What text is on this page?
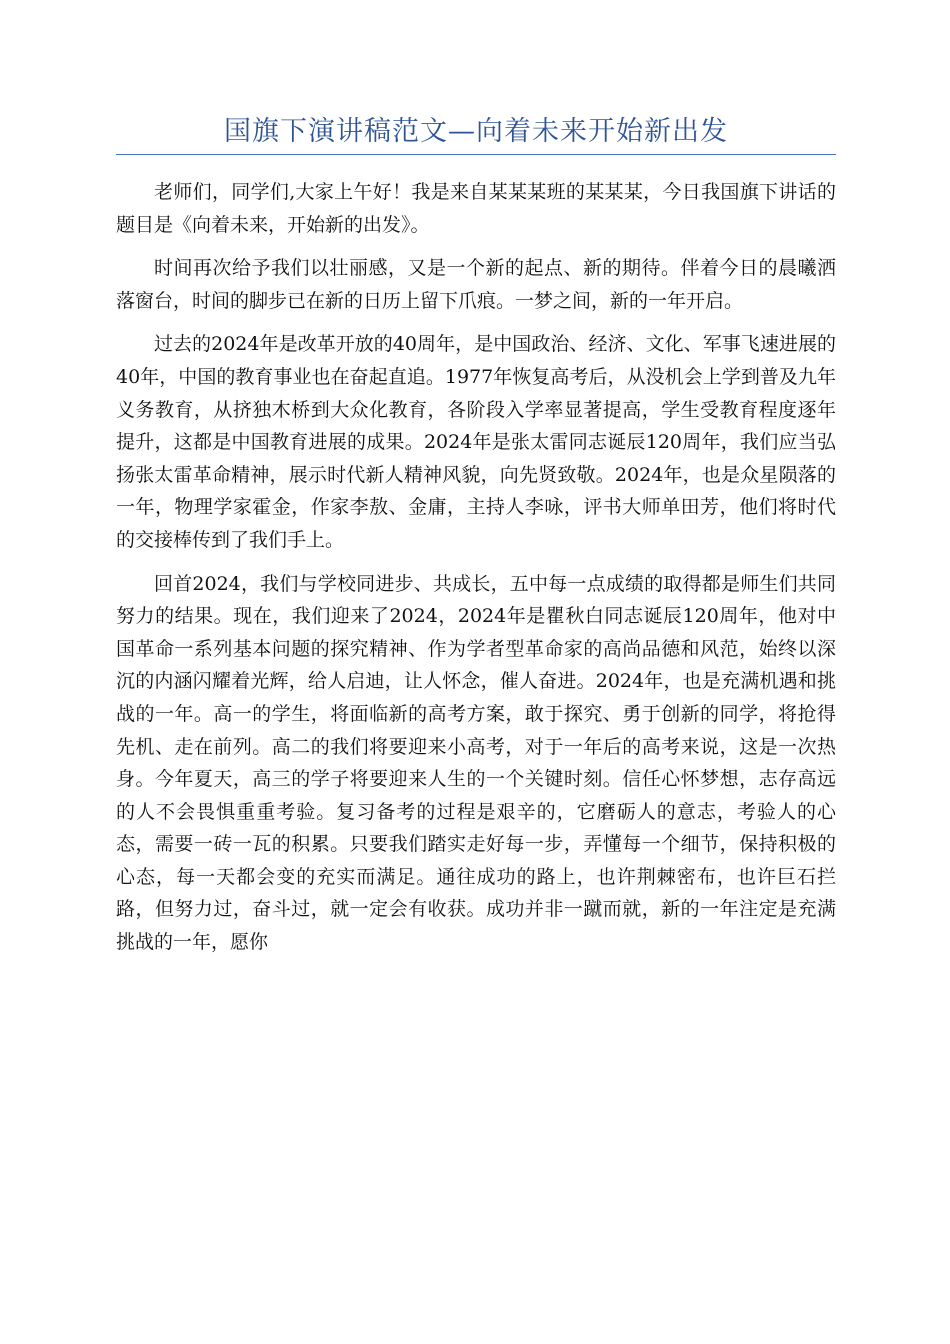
国旗下演讲稿范文—向着未来开始新出发

老师们，同学们,大家上午好！我是来自某某某班的某某某，今日我国旗下讲话的题目是《向着未来，开始新的出发》。

时间再次给予我们以壮丽感，又是一个新的起点、新的期待。伴着今日的晨曦洒落窗台，时间的脚步已在新的日历上留下爪痕。一梦之间，新的一年开启。

过去的2024年是改革开放的40周年，是中国政治、经济、文化、军事飞速进展的40年，中国的教育事业也在奋起直追。1977年恢复高考后，从没机会上学到普及九年义务教育，从挤独木桥到大众化教育，各阶段入学率显著提高，学生受教育程度逐年提升，这都是中国教育进展的成果。2024年是张太雷同志诞辰120周年，我们应当弘扬张太雷革命精神，展示时代新人精神风貌，向先贤致敬。2024年，也是众星陨落的一年，物理学家霍金，作家李敖、金庸，主持人李咏，评书大师单田芳，他们将时代的交接棒传到了我们手上。

回首2024，我们与学校同进步、共成长，五中每一点成绩的取得都是师生们共同努力的结果。现在，我们迎来了2024，2024年是瞿秋白同志诞辰120周年，他对中国革命一系列基本问题的探究精神、作为学者型革命家的高尚品德和风范，始终以深沉的内涵闪耀着光辉，给人启迪，让人怀念，催人奋进。2024年，也是充满机遇和挑战的一年。高一的学生，将面临新的高考方案，敢于探究、勇于创新的同学，将抢得先机、走在前列。高二的我们将要迎来小高考，对于一年后的高考来说，这是一次热身。今年夏天，高三的学子将要迎来人生的一个关键时刻。信任心怀梦想，志存高远的人不会畏惧重重考验。复习备考的过程是艰辛的，它磨砺人的意志，考验人的心态，需要一砖一瓦的积累。只要我们踏实走好每一步，弄懂每一个细节，保持积极的心态，每一天都会变的充实而满足。通往成功的路上，也许荆棘密布，也许巨石拦路，但努力过，奋斗过，就一定会有收获。成功并非一蹴而就，新的一年注定是充满挑战的一年，愿你
